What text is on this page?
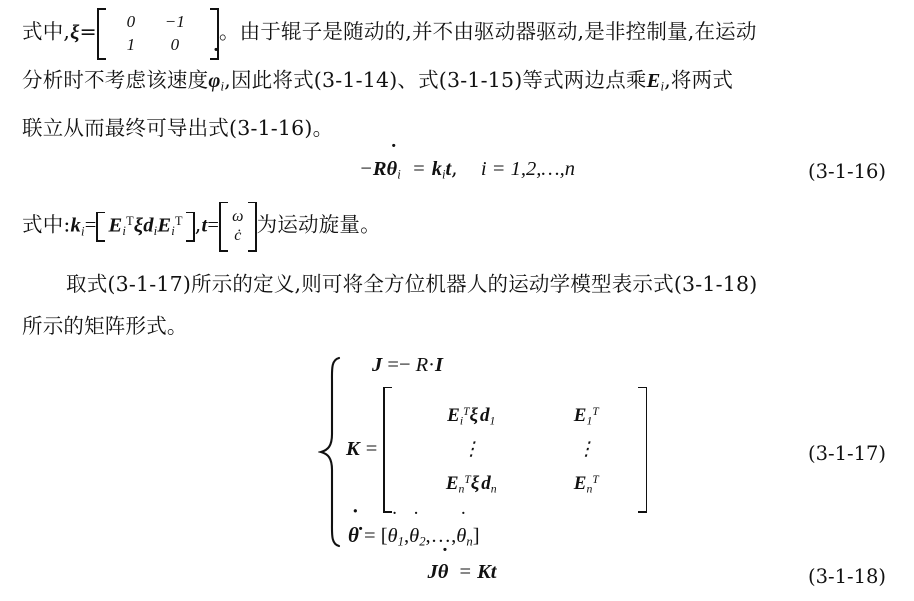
式中,ξ=	0	−1
1	0
。由于辊子是随动的,并不由驱动器驱动,是非控制量,在运动
分析时不考虑该速度φ $˙_i$,因此将式(3-1-14)、式(3-1-15)等式两边点乘$E_i$,将两式
联立从而最终可导出式(3-1-16)。
−Rθ $˙_i = k_it$, i = 1,2,…,n	(3-1-16)
式中$:k_i= E_i^T\xi d_iE_i^T$ ,t= ω
ċ 为运动旋量。
取式(3-1-17)所示的定义,则可将全方位机器人的运动学模型表示式(3-1-18)
所示的矩阵形式。
J =− R·I
K =
$E_i^T\xi$ $d_1$	$E_1^T$
⋮	⋮
$E_n^T\xi$ $d_n$	$E_n^T$
θ̇ ˙ = [θ $˙_1,\theta$ $˙_2,\dots,\theta$ $˙_n$]
(3-1-17)
Jθ ˙ = Kt	(3-1-18)
